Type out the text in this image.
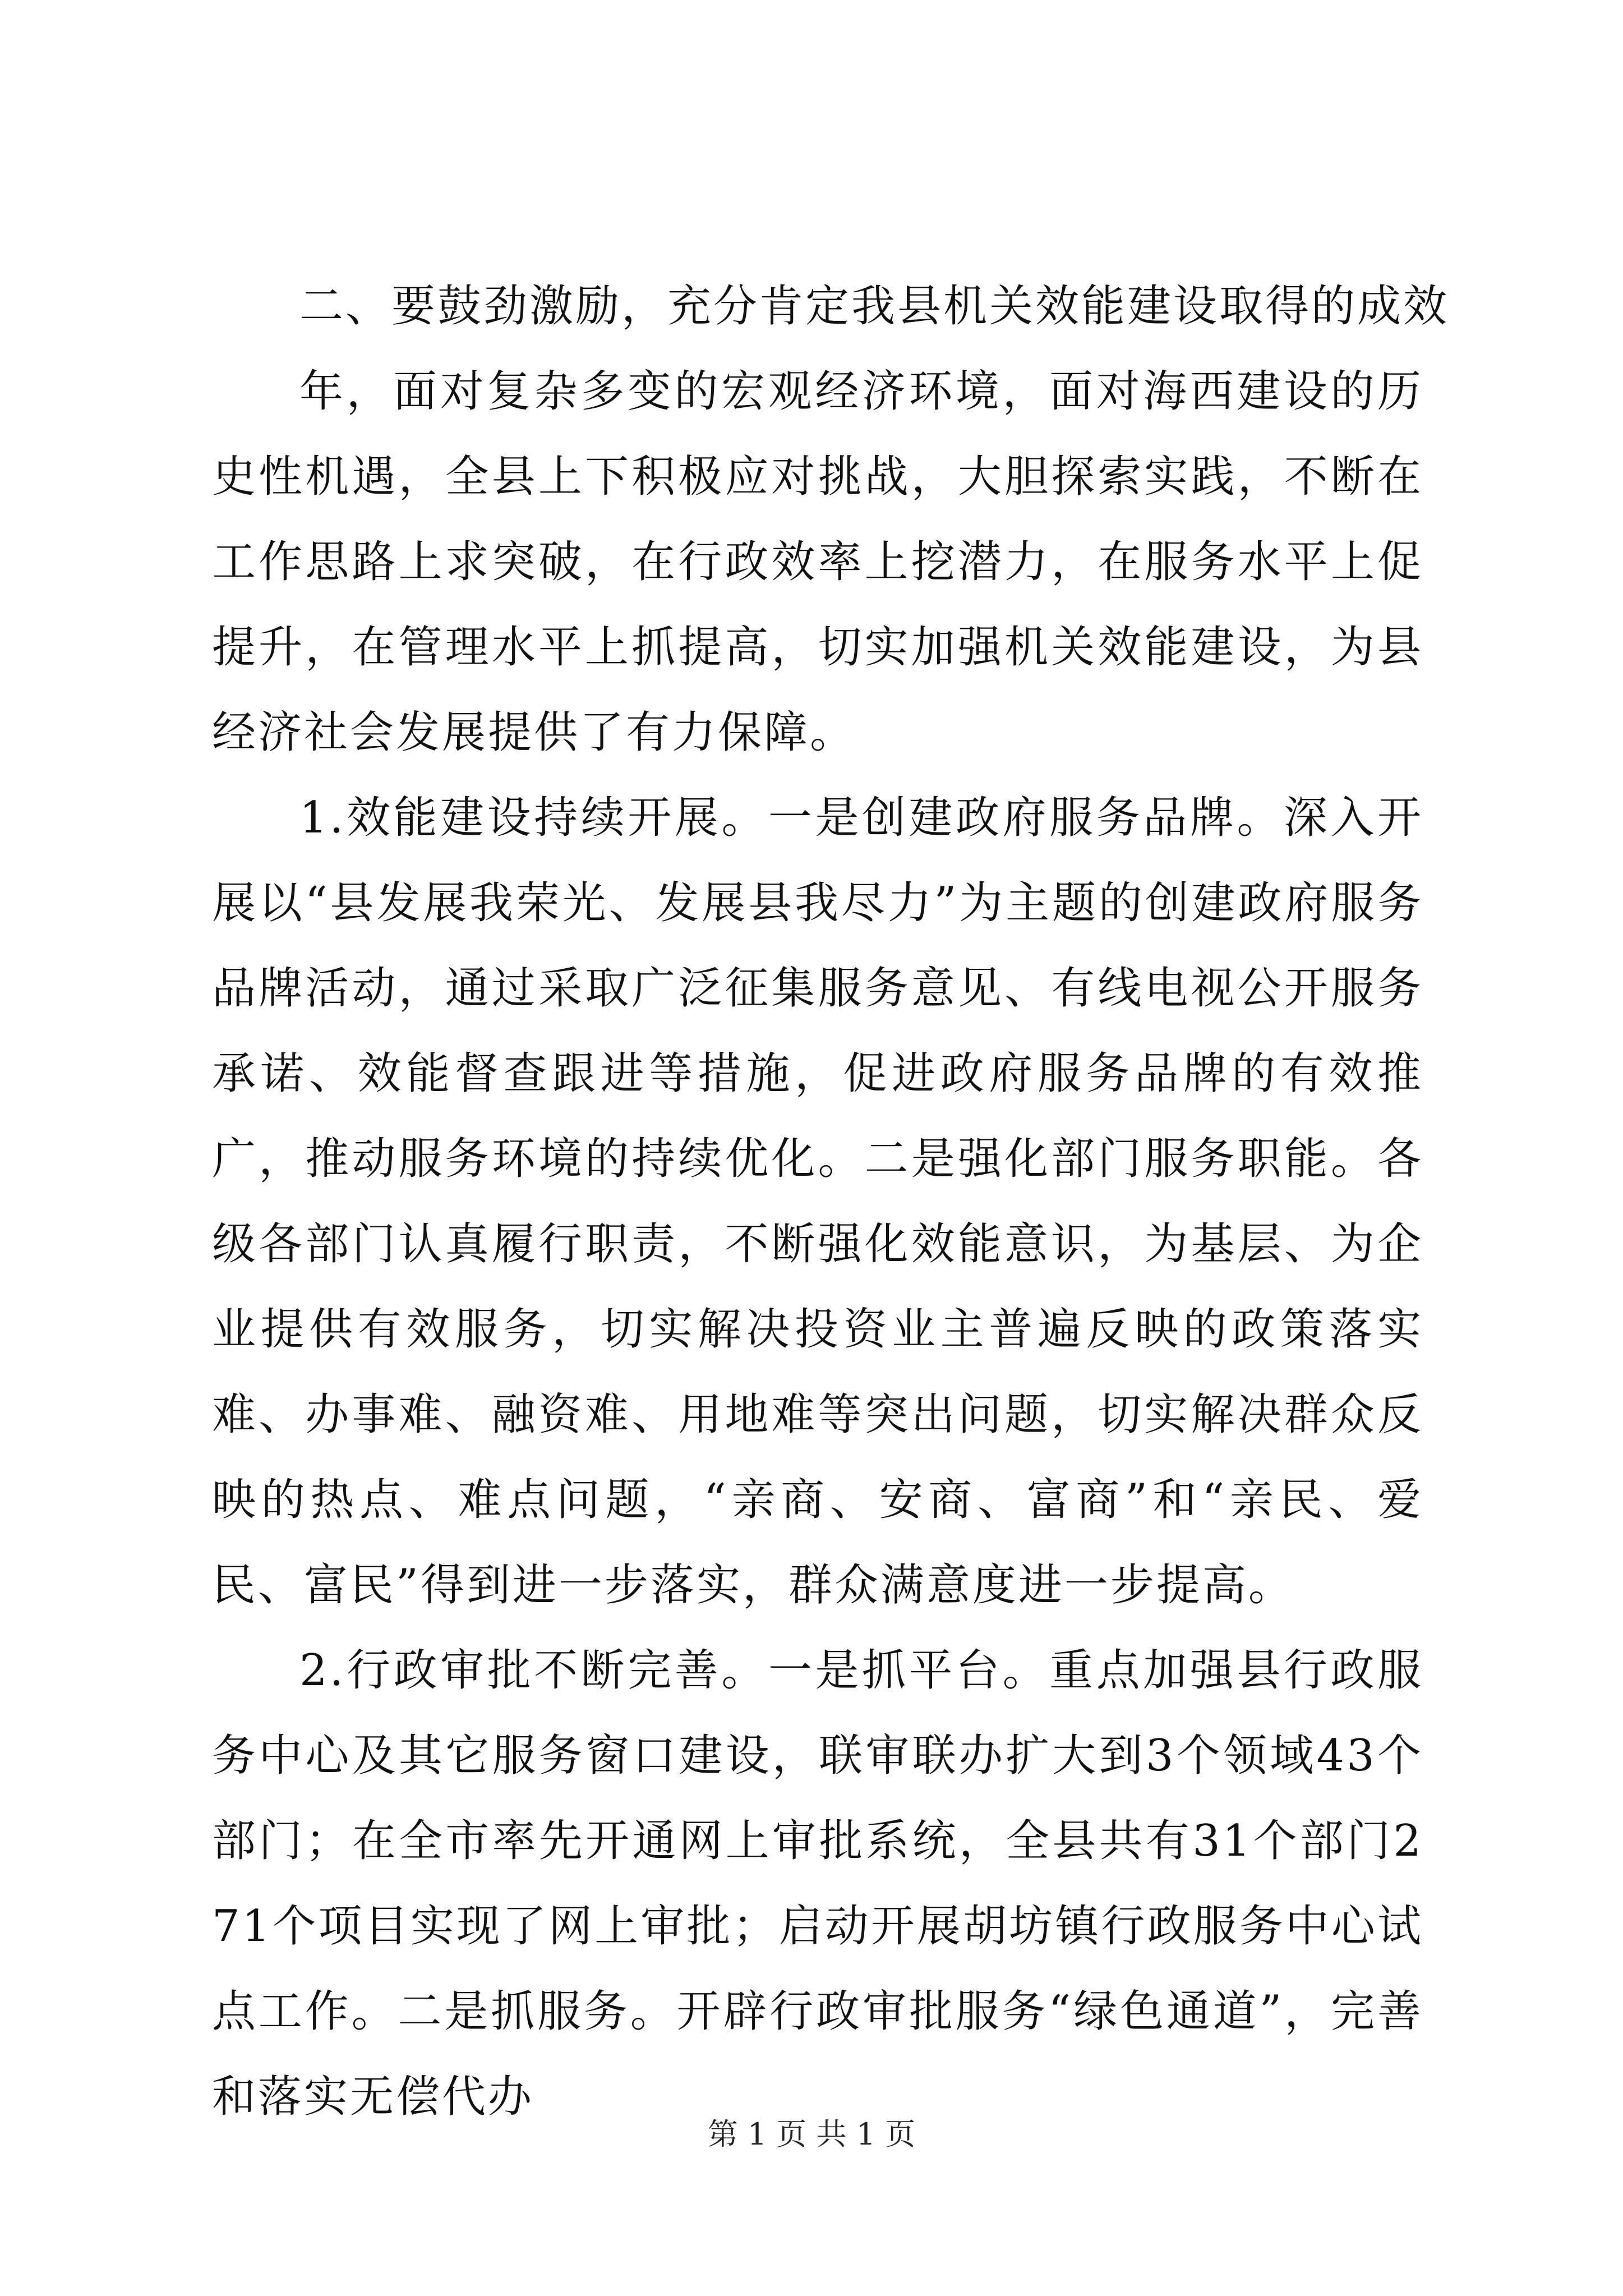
二、要鼓劲激励，充分肯定我县机关效能建设取得的成效

年，面对复杂多变的宏观经济环境，面对海西建设的历史性机遇，全县上下积极应对挑战，大胆探索实践，不断在工作思路上求突破，在行政效率上挖潜力，在服务水平上促提升，在管理水平上抓提高，切实加强机关效能建设，为县经济社会发展提供了有力保障。

1.效能建设持续开展。一是创建政府服务品牌。深入开展以“县发展我荣光、发展县我尽力”为主题的创建政府服务品牌活动，通过采取广泛征集服务意见、有线电视公开服务承诺、效能督查跟进等措施，促进政府服务品牌的有效推广，推动服务环境的持续优化。二是强化部门服务职能。各级各部门认真履行职责，不断强化效能意识，为基层、为企业提供有效服务，切实解决投资业主普遍反映的政策落实难、办事难、融资难、用地难等突出问题，切实解决群众反映的热点、难点问题，“亲商、安商、富商”和“亲民、爱民、富民”得到进一步落实，群众满意度进一步提高。

2.行政审批不断完善。一是抓平台。重点加强县行政服务中心及其它服务窗口建设，联审联办扩大到3个领域43个部门；在全市率先开通网上审批系统，全县共有31个部门271个项目实现了网上审批；启动开展胡坊镇行政服务中心试点工作。二是抓服务。开辟行政审批服务“绿色通道”，完善和落实无偿代办

第 1 页 共 1 页
